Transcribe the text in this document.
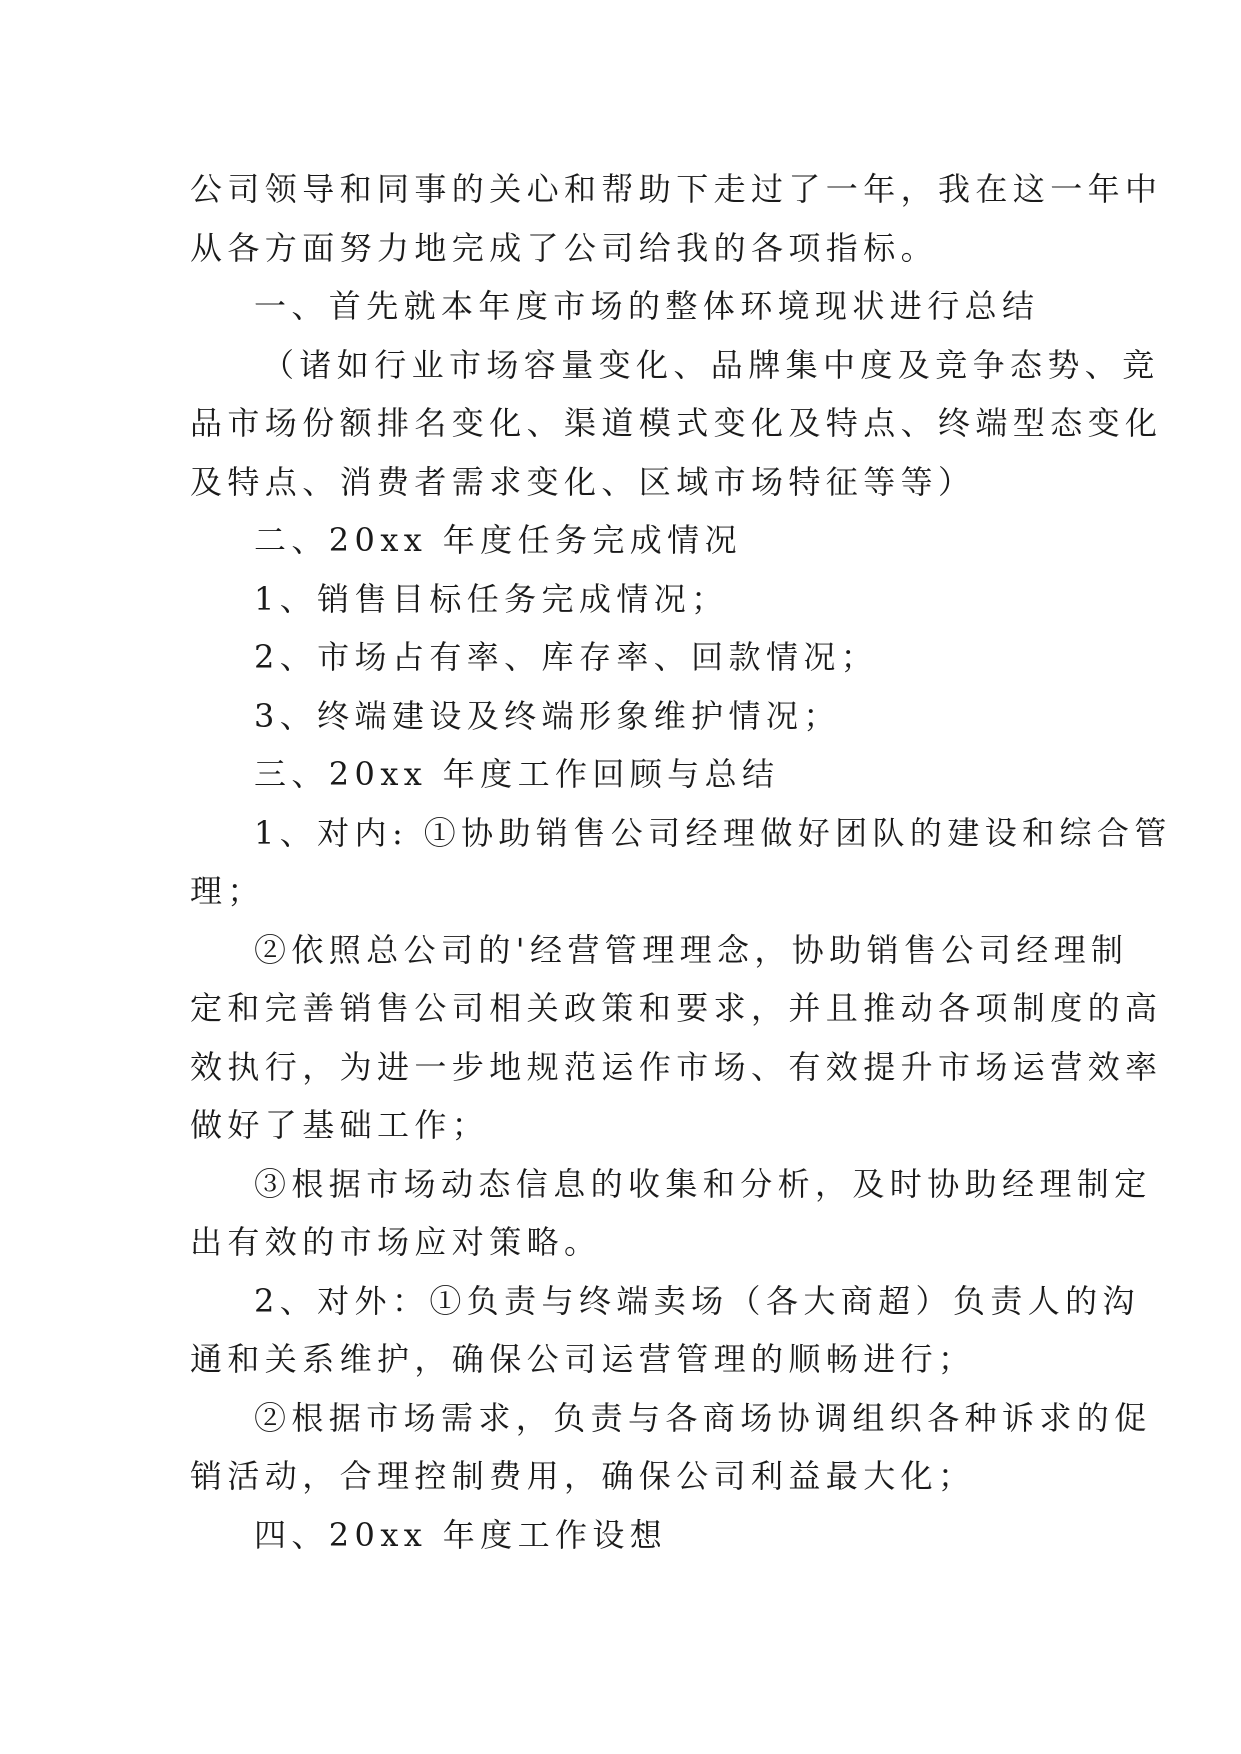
公司领导和同事的关心和帮助下走过了一年，我在这一年中
从各方面努力地完成了公司给我的各项指标。
一、首先就本年度市场的整体环境现状进行总结
（诸如行业市场容量变化、品牌集中度及竞争态势、竞
品市场份额排名变化、渠道模式变化及特点、终端型态变化
及特点、消费者需求变化、区域市场特征等等）
二、20xx 年度任务完成情况
1、销售目标任务完成情况；
2、市场占有率、库存率、回款情况；
3、终端建设及终端形象维护情况；
三、20xx 年度工作回顾与总结
1、对内: ①协助销售公司经理做好团队的建设和综合管
理；
②依照总公司的'经营管理理念，协助销售公司经理制
定和完善销售公司相关政策和要求，并且推动各项制度的高
效执行，为进一步地规范运作市场、有效提升市场运营效率
做好了基础工作；
③根据市场动态信息的收集和分析，及时协助经理制定
出有效的市场应对策略。
2、对外：①负责与终端卖场（各大商超）负责人的沟
通和关系维护，确保公司运营管理的顺畅进行；
②根据市场需求，负责与各商场协调组织各种诉求的促
销活动，合理控制费用，确保公司利益最大化；
四、20xx 年度工作设想
